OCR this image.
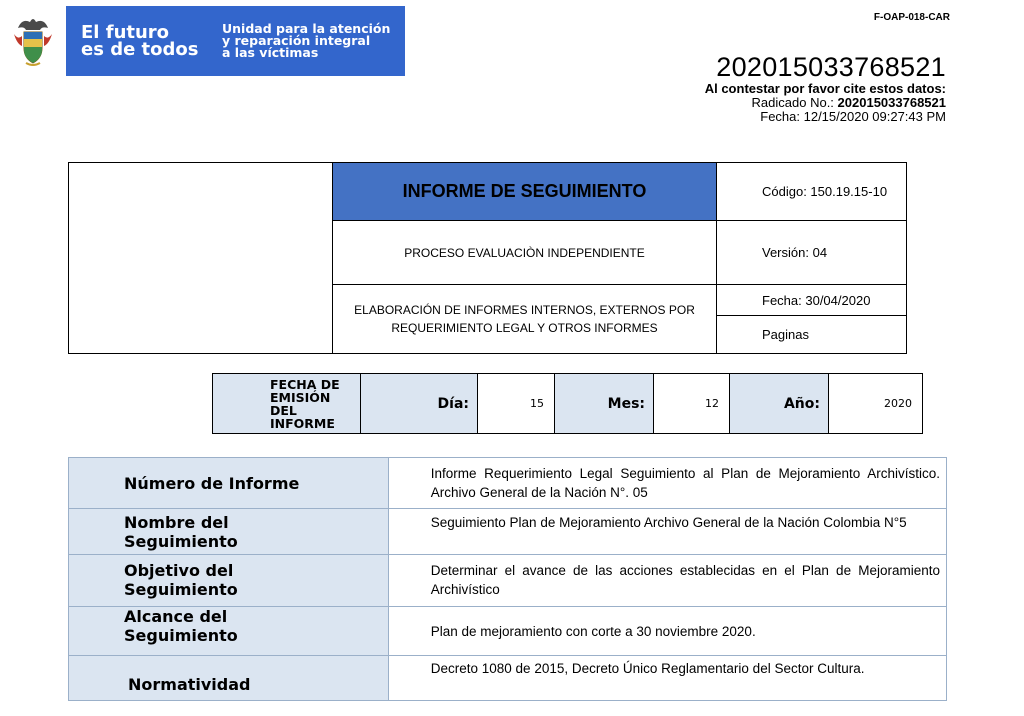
El futuro
es de todos
Unidad para la atención
y reparación integral
a las víctimas
F-OAP-018-CAR
202015033768521
Al contestar por favor cite estos datos:
Radicado No.: 202015033768521
Fecha: 12/15/2020 09:27:43 PM
	INFORME DE SEGUIMIENTO	Código: 150.19.15-10
	PROCESO EVALUACIÒN INDEPENDIENTE	Versión: 04
	ELABORACIÓN DE INFORMES INTERNOS, EXTERNOS POR REQUERIMIENTO LEGAL Y OTROS INFORMES	Fecha: 30/04/2020
		Paginas
FECHA DE EMISIÓN DEL INFORME	Día:	15	Mes:	12	Año:	2020
Número de Informe	Informe Requerimiento Legal Seguimiento al Plan de Mejoramiento Archivístico. Archivo General de la Nación N°. 05
Nombre del Seguimiento	Seguimiento Plan de Mejoramiento Archivo General de la Nación Colombia N°5
Objetivo del Seguimiento	Determinar el avance de las acciones establecidas en el Plan de Mejoramiento Archivístico
Alcance del Seguimiento	Plan de mejoramiento con corte a 30 noviembre 2020.
Normatividad	Decreto 1080 de 2015, Decreto Único Reglamentario del Sector Cultura.
